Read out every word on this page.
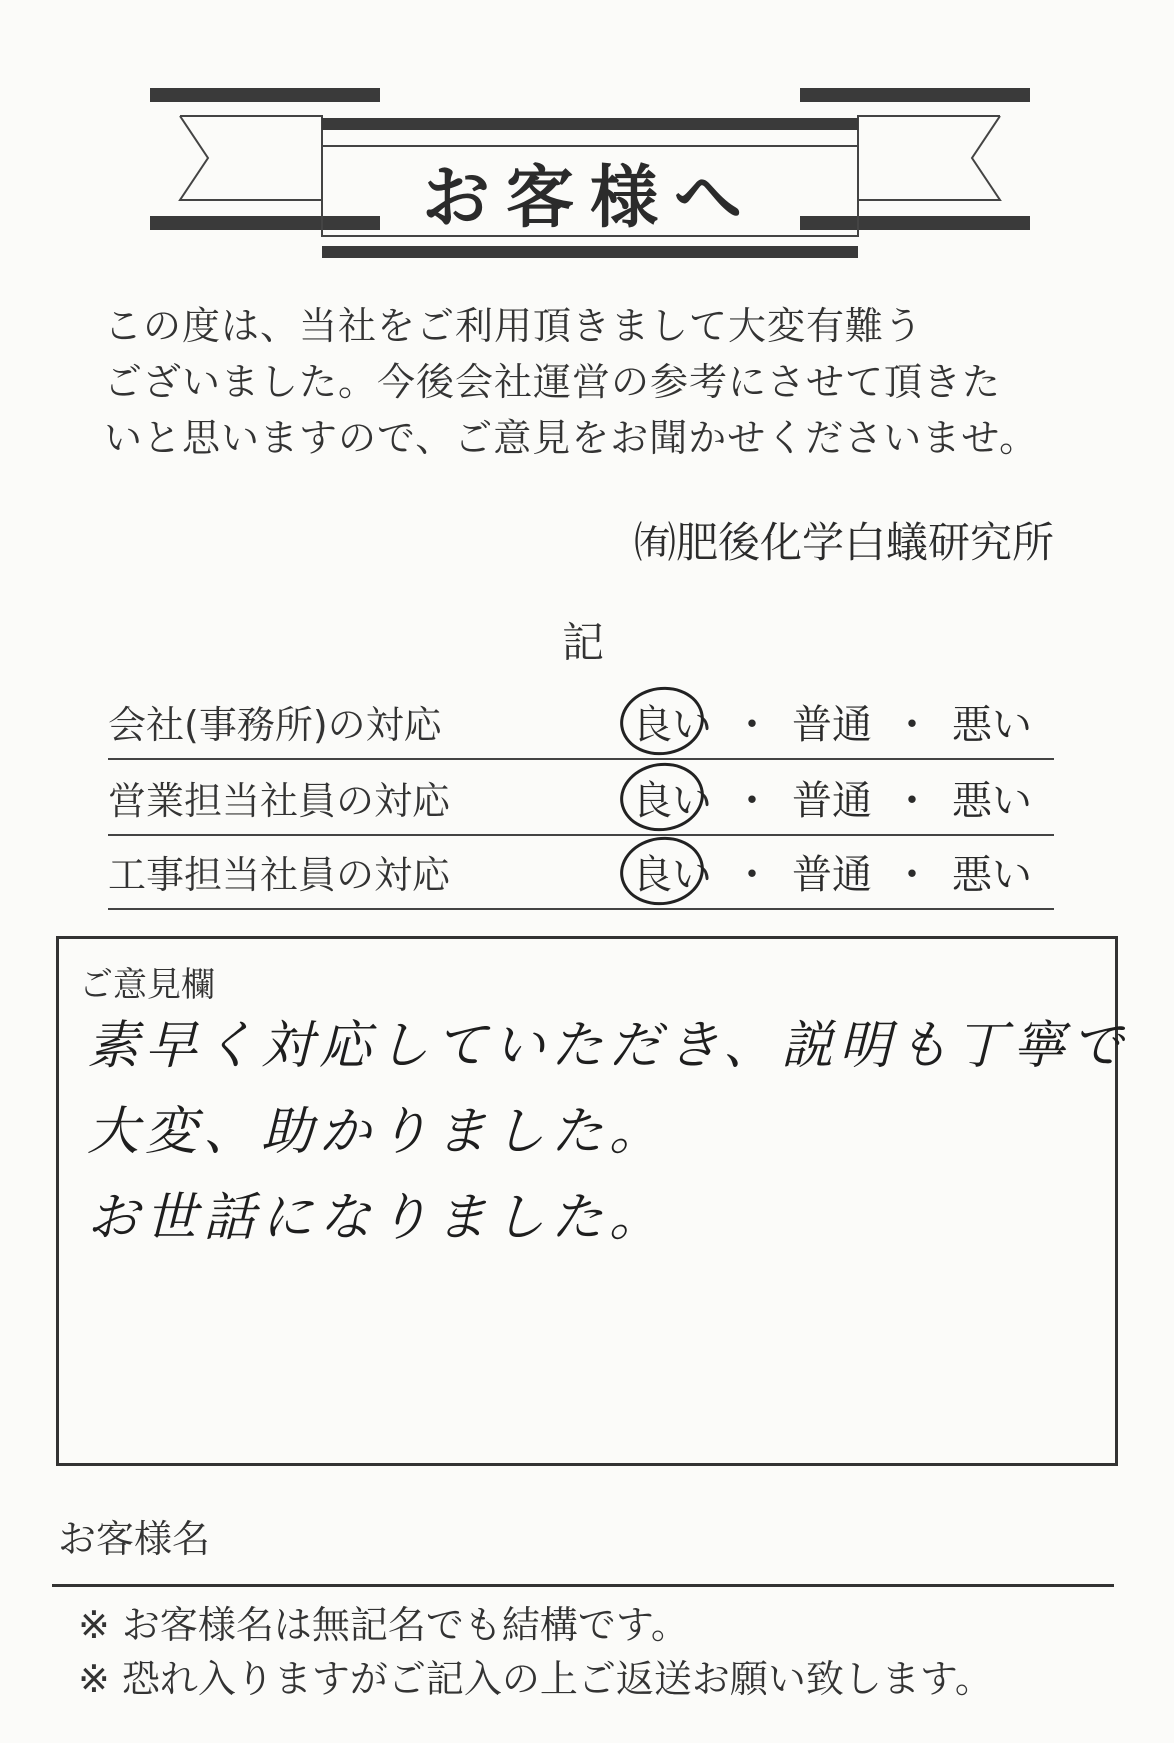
お客様へ
この度は、当社をご利用頂きまして大変有難う
ございました。今後会社運営の参考にさせて頂きた
いと思いますので、ご意見をお聞かせくださいませ。
㈲肥後化学白蟻研究所
記
会社(事務所)の対応	良い ・ 普通 ・ 悪い
営業担当社員の対応	良い ・ 普通 ・ 悪い
工事担当社員の対応	良い ・ 普通 ・ 悪い
ご意見欄
素早く対応していただき、説明も丁寧で
大変、助かりました。
お世話になりました。
お客様名
※ お客様名は無記名でも結構です。
※ 恐れ入りますがご記入の上ご返送お願い致します。
